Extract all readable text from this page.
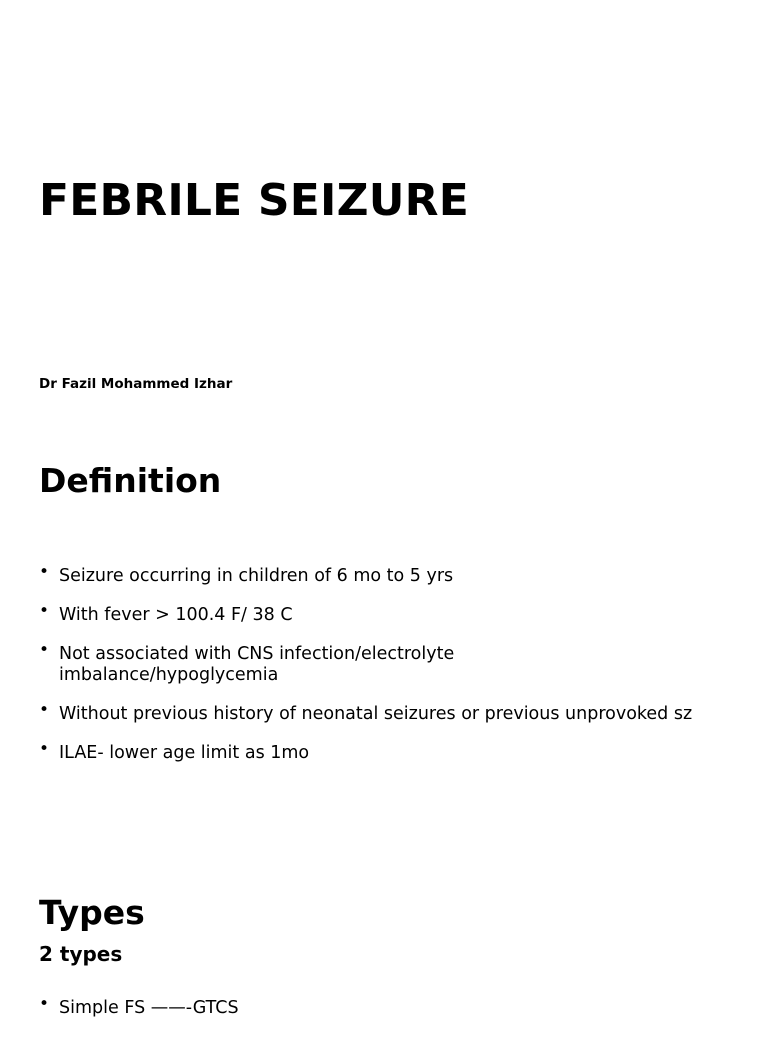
FEBRILE SEIZURE

Dr Fazil Mohammed Izhar

Definition
• Seizure occurring in children of 6 mo to 5 yrs
• With fever > 100.4 F/ 38 C
• Not associated with CNS infection/electrolyte imbalance/hypoglycemia
• Without previous history of neonatal seizures or previous unprovoked sz
• ILAE- lower age limit as 1mo
Types
2 types
• Simple FS ——-GTCS
